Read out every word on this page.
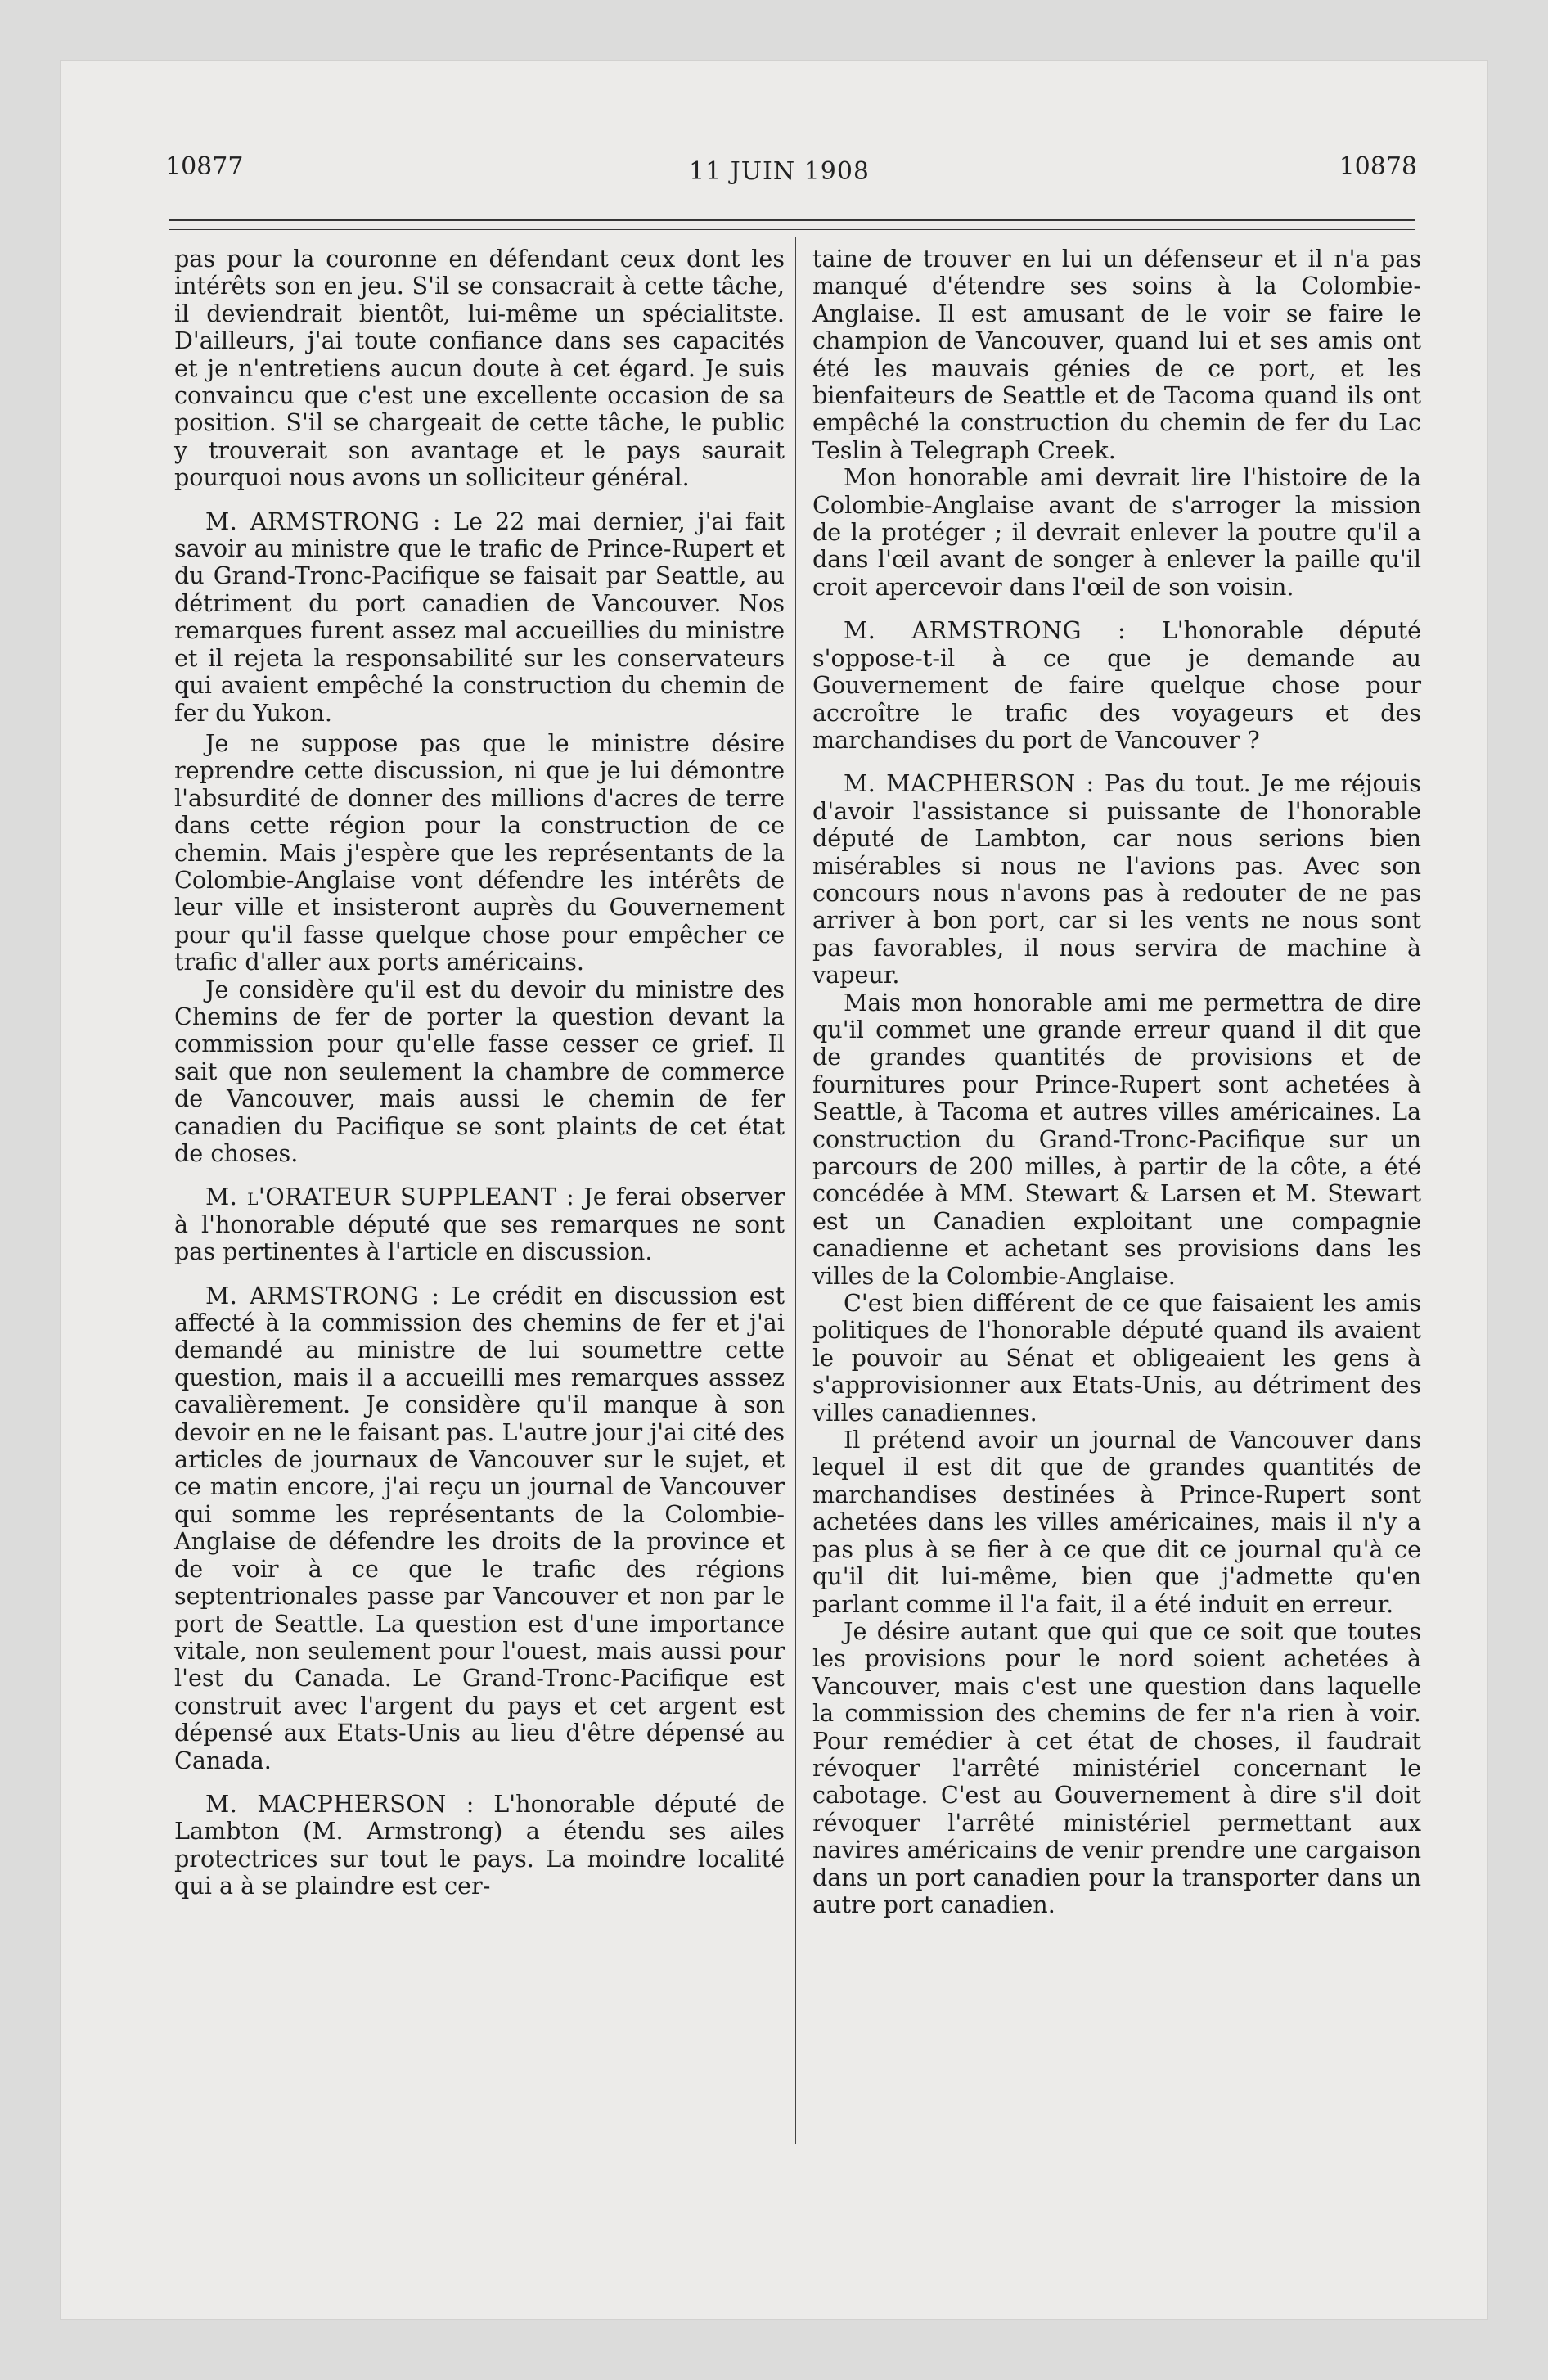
10877	11 JUIN 1908	10878

pas pour la couronne en défendant ceux dont les intérêts son en jeu. S'il se consacrait à cette tâche, il deviendrait bientôt, lui-même un spécialitste. D'ailleurs, j'ai toute confiance dans ses capacités et je n'entretiens aucun doute à cet égard. Je suis convaincu que c'est une excellente occasion de sa position. S'il se chargeait de cette tâche, le public y trouverait son avantage et le pays saurait pourquoi nous avons un solliciteur général.

M. ARMSTRONG : Le 22 mai dernier, j'ai fait savoir au ministre que le trafic de Prince-Rupert et du Grand-Tronc-Pacifique se faisait par Seattle, au détriment du port canadien de Vancouver. Nos remarques furent assez mal accueillies du ministre et il rejeta la responsabilité sur les conservateurs qui avaient empêché la construction du chemin de fer du Yukon.

Je ne suppose pas que le ministre désire reprendre cette discussion, ni que je lui démontre l'absurdité de donner des millions d'acres de terre dans cette région pour la construction de ce chemin. Mais j'espère que les représentants de la Colombie-Anglaise vont défendre les intérêts de leur ville et insisteront auprès du Gouvernement pour qu'il fasse quelque chose pour empêcher ce trafic d'aller aux ports américains.

Je considère qu'il est du devoir du ministre des Chemins de fer de porter la question devant la commission pour qu'elle fasse cesser ce grief. Il sait que non seulement la chambre de commerce de Vancouver, mais aussi le chemin de fer canadien du Pacifique se sont plaints de cet état de choses.

M. l'ORATEUR SUPPLEANT : Je ferai observer à l'honorable député que ses remarques ne sont pas pertinentes à l'article en discussion.

M. ARMSTRONG : Le crédit en discussion est affecté à la commission des chemins de fer et j'ai demandé au ministre de lui soumettre cette question, mais il a accueilli mes remarques asssez cavalièrement. Je considère qu'il manque à son devoir en ne le faisant pas. L'autre jour j'ai cité des articles de journaux de Vancouver sur le sujet, et ce matin encore, j'ai reçu un journal de Vancouver qui somme les représentants de la Colombie-Anglaise de défendre les droits de la province et de voir à ce que le trafic des régions septentrionales passe par Vancouver et non par le port de Seattle. La question est d'une importance vitale, non seulement pour l'ouest, mais aussi pour l'est du Canada. Le Grand-Tronc-Pacifique est construit avec l'argent du pays et cet argent est dépensé aux Etats-Unis au lieu d'être dépensé au Canada.

M. MACPHERSON : L'honorable député de Lambton (M. Armstrong) a étendu ses ailes protectrices sur tout le pays. La moindre localité qui a à se plaindre est cer-

taine de trouver en lui un défenseur et il n'a pas manqué d'étendre ses soins à la Colombie-Anglaise. Il est amusant de le voir se faire le champion de Vancouver, quand lui et ses amis ont été les mauvais génies de ce port, et les bienfaiteurs de Seattle et de Tacoma quand ils ont empêché la construction du chemin de fer du Lac Teslin à Telegraph Creek.

Mon honorable ami devrait lire l'histoire de la Colombie-Anglaise avant de s'arroger la mission de la protéger ; il devrait enlever la poutre qu'il a dans l'œil avant de songer à enlever la paille qu'il croit apercevoir dans l'œil de son voisin.

M. ARMSTRONG : L'honorable député s'oppose-t-il à ce que je demande au Gouvernement de faire quelque chose pour accroître le trafic des voyageurs et des marchandises du port de Vancouver ?

M. MACPHERSON : Pas du tout. Je me réjouis d'avoir l'assistance si puissante de l'honorable député de Lambton, car nous serions bien misérables si nous ne l'avions pas. Avec son concours nous n'avons pas à redouter de ne pas arriver à bon port, car si les vents ne nous sont pas favorables, il nous servira de machine à vapeur.

Mais mon honorable ami me permettra de dire qu'il commet une grande erreur quand il dit que de grandes quantités de provisions et de fournitures pour Prince-Rupert sont achetées à Seattle, à Tacoma et autres villes américaines. La construction du Grand-Tronc-Pacifique sur un parcours de 200 milles, à partir de la côte, a été concédée à MM. Stewart & Larsen et M. Stewart est un Canadien exploitant une compagnie canadienne et achetant ses provisions dans les villes de la Colombie-Anglaise.

C'est bien différent de ce que faisaient les amis politiques de l'honorable député quand ils avaient le pouvoir au Sénat et obligeaient les gens à s'approvisionner aux Etats-Unis, au détriment des villes canadiennes.

Il prétend avoir un journal de Vancouver dans lequel il est dit que de grandes quantités de marchandises destinées à Prince-Rupert sont achetées dans les villes américaines, mais il n'y a pas plus à se fier à ce que dit ce journal qu'à ce qu'il dit lui-même, bien que j'admette qu'en parlant comme il l'a fait, il a été induit en erreur.

Je désire autant que qui que ce soit que toutes les provisions pour le nord soient achetées à Vancouver, mais c'est une question dans laquelle la commission des chemins de fer n'a rien à voir. Pour remédier à cet état de choses, il faudrait révoquer l'arrêté ministériel concernant le cabotage. C'est au Gouvernement à dire s'il doit révoquer l'arrêté ministériel permettant aux navires américains de venir prendre une cargaison dans un port canadien pour la transporter dans un autre port canadien.
